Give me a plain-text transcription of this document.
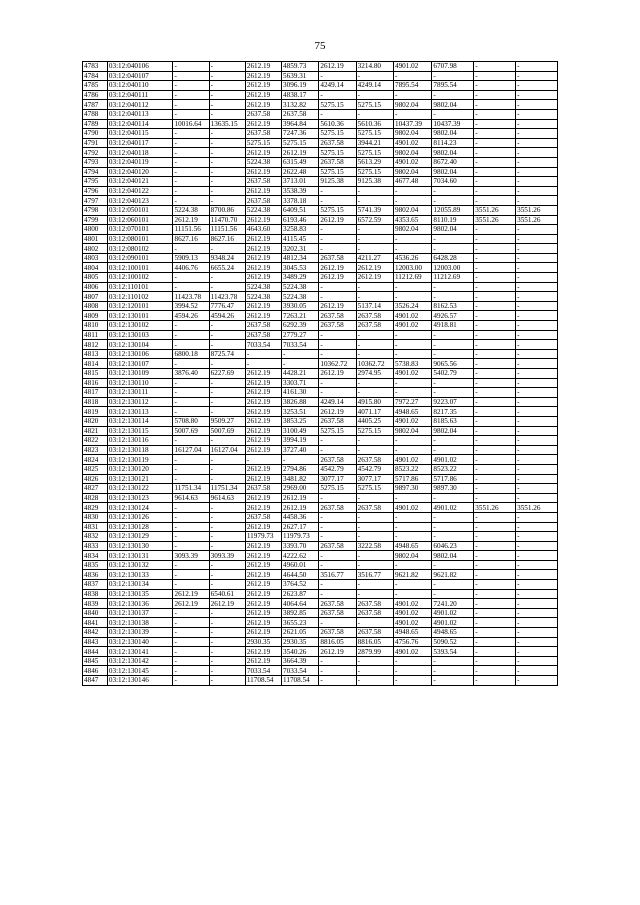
75
4783	03:12:040106	-	-	2612.19	4859.73	2612.19	3214.80	4901.02	6707.98	-	-
4784	03:12:040107	-	-	2612.19	5639.31	-	-	-	-	-	-
4785	03:12:040110	-	-	2612.19	3096.19	4249.14	4249.14	7895.54	7895.54	-	-
4786	03:12:040111	-	-	2612.19	4838.17	-	-	-	-	-	-
4787	03:12:040112	-	-	2612.19	3132.82	5275.15	5275.15	9802.04	9802.04	-	-
4788	03:12:040113	-	-	2637.58	2637.58	-	-	-	-	-	-
4789	03:12:040114	10016.64	13635.15	2612.19	3964.84	5610.36	5610.36	10437.39	10437.39	-	-
4790	03:12:040115	-	-	2637.58	7247.36	5275.15	5275.15	9802.04	9802.04	-	-
4791	03:12:040117	-	-	5275.15	5275.15	2637.58	3944.21	4901.02	8114.23	-	-
4792	03:12:040118	-	-	2612.19	2612.19	5275.15	5275.15	9802.04	9802.04	-	-
4793	03:12:040119	-	-	5224.38	6315.49	2637.58	5613.29	4901.02	8672.40	-	-
4794	03:12:040120	-	-	2612.19	2622.48	5275.15	5275.15	9802.04	9802.04	-	-
4795	03:12:040121	-	-	2637.58	3713.01	9125.38	9125.38	4677.48	7034.60	-	-
4796	03:12:040122	-	-	2612.19	3538.39	-	-	-	-	-	-
4797	03:12:040123	-	-	2637.58	3378.18	-	-	-	-	-	-
4798	03:12:050101	5224.38	8700.86	5224.38	6409.51	5275.15	5741.39	9802.04	12055.89	3551.26	3551.26
4799	03:12:060101	2612.19	11470.70	2612.19	6193.46	2612.19	6572.59	4353.65	8110.19	3551.26	3551.26
4800	03:12:070101	11151.56	11151.56	4643.60	3258.83	-	-	9802.04	9802.04	-	-
4801	03:12:080101	8627.16	8627.16	2612.19	4115.45	-	-	-	-	-	-
4802	03:12:080102	-	-	2612.19	3202.31	-	-	-	-	-	-
4803	03:12:090101	5909.13	9348.24	2612.19	4812.34	2637.58	4211.27	4536.26	6428.28	-	-
4804	03:12:100101	4406.76	6655.24	2612.19	3045.53	2612.19	2612.19	12003.00	12003.00	-	-
4805	03:12:100102	-	-	2612.19	3489.29	2612.19	2612.19	11212.69	11212.69	-	-
4806	03:12:110101	-	-	5224.38	5224.38	-	-	-	-	-	-
4807	03:12:110102	11423.78	11423.78	5224.38	5224.38	-	-	-	-	-	-
4808	03:12:120101	3994.52	7776.47	2612.19	3930.05	2612.19	5137.14	3526.24	8162.53	-	-
4809	03:12:130101	4594.26	4594.26	2612.19	7263.21	2637.58	2637.58	4901.02	4926.57	-	-
4810	03:12:130102	-	-	2637.58	6292.39	2637.58	2637.58	4901.02	4918.81	-	-
4811	03:12:130103	-	-	2637.58	2779.27	-	-	-	-	-	-
4812	03:12:130104	-	-	7033.54	7033.54	-	-	-	-	-	-
4813	03:12:130106	6800.18	8725.74	-	-	-	-	-	-	-	-
4814	03:12:130107	-	-	-	-	10362.72	10362.72	5738.83	9065.56	-	-
4815	03:12:130109	3876.40	6227.69	2612.19	4428.21	2612.19	2974.95	4901.02	5402.79	-	-
4816	03:12:130110	-	-	2612.19	3303.71	-	-	-	-	-	-
4817	03:12:130111	-	-	2612.19	4161.30	-	-	-	-	-	-
4818	03:12:130112	-	-	2612.19	3826.88	4249.14	4915.80	7972.27	9223.07	-	-
4819	03:12:130113	-	-	2612.19	3253.51	2612.19	4071.17	4948.65	8217.35	-	-
4820	03:12:130114	5708.80	9509.27	2612.19	3853.25	2637.58	4405.25	4901.02	8185.63	-	-
4821	03:12:130115	5007.69	5007.69	2612.19	3100.49	5275.15	5275.15	9802.04	9802.04	-	-
4822	03:12:130116	-	-	2612.19	3994.19	-	-	-	-	-	-
4823	03:12:130118	16127.04	16127.04	2612.19	3727.40	-	-	-	-	-	-
4824	03:12:130119	-	-	-	-	2637.58	2637.58	4901.02	4901.02	-	-
4825	03:12:130120	-	-	2612.19	2794.86	4542.79	4542.79	8523.22	8523.22	-	-
4826	03:12:130121	-	-	2612.19	3481.82	3077.17	3077.17	5717.86	5717.86	-	-
4827	03:12:130122	11751.34	11751.34	2637.58	2969.00	5275.15	5275.15	9897.30	9897.30	-	-
4828	03:12:130123	9614.63	9614.63	2612.19	2612.19	-	-	-	-	-	-
4829	03:12:130124	-	-	2612.19	2612.19	2637.58	2637.58	4901.02	4901.02	3551.26	3551.26
4830	03:12:130126	-	-	2637.58	4458.36	-	-	-	-	-	-
4831	03:12:130128	-	-	2612.19	2627.17	-	-	-	-	-	-
4832	03:12:130129	-	-	11979.73	11979.73	-	-	-	-	-	-
4833	03:12:130130	-	-	2612.19	3393.70	2637.58	3222.58	4948.65	6046.23	-	-
4834	03:12:130131	3093.39	3093.39	2612.19	4222.62	-	-	9802.04	9802.04	-	-
4835	03:12:130132	-	-	2612.19	4960.01	-	-	-	-	-	-
4836	03:12:130133	-	-	2612.19	4644.50	3516.77	3516.77	9621.82	9621.82	-	-
4837	03:12:130134	-	-	2612.19	3764.52	-	-	-	-	-	-
4838	03:12:130135	2612.19	6540.61	2612.19	2623.87	-	-	-	-	-	-
4839	03:12:130136	2612.19	2612.19	2612.19	4064.64	2637.58	2637.58	4901.02	7241.20	-	-
4840	03:12:130137	-	-	2612.19	3892.85	2637.58	2637.58	4901.02	4901.02	-	-
4841	03:12:130138	-	-	2612.19	3655.23	-	-	4901.02	4901.02	-	-
4842	03:12:130139	-	-	2612.19	2621.05	2637.58	2637.58	4948.65	4948.65	-	-
4843	03:12:130140	-	-	2930.35	2930.35	8816.05	8816.05	4756.76	5090.52	-	-
4844	03:12:130141	-	-	2612.19	3540.26	2612.19	2879.99	4901.02	5393.54	-	-
4845	03:12:130142	-	-	2612.19	3664.39	-	-	-	-	-	-
4846	03:12:130145	-	-	7033.54	7033.54	-	-	-	-	-	-
4847	03:12:130146	-	-	11708.54	11708.54	-	-	-	-	-	-
